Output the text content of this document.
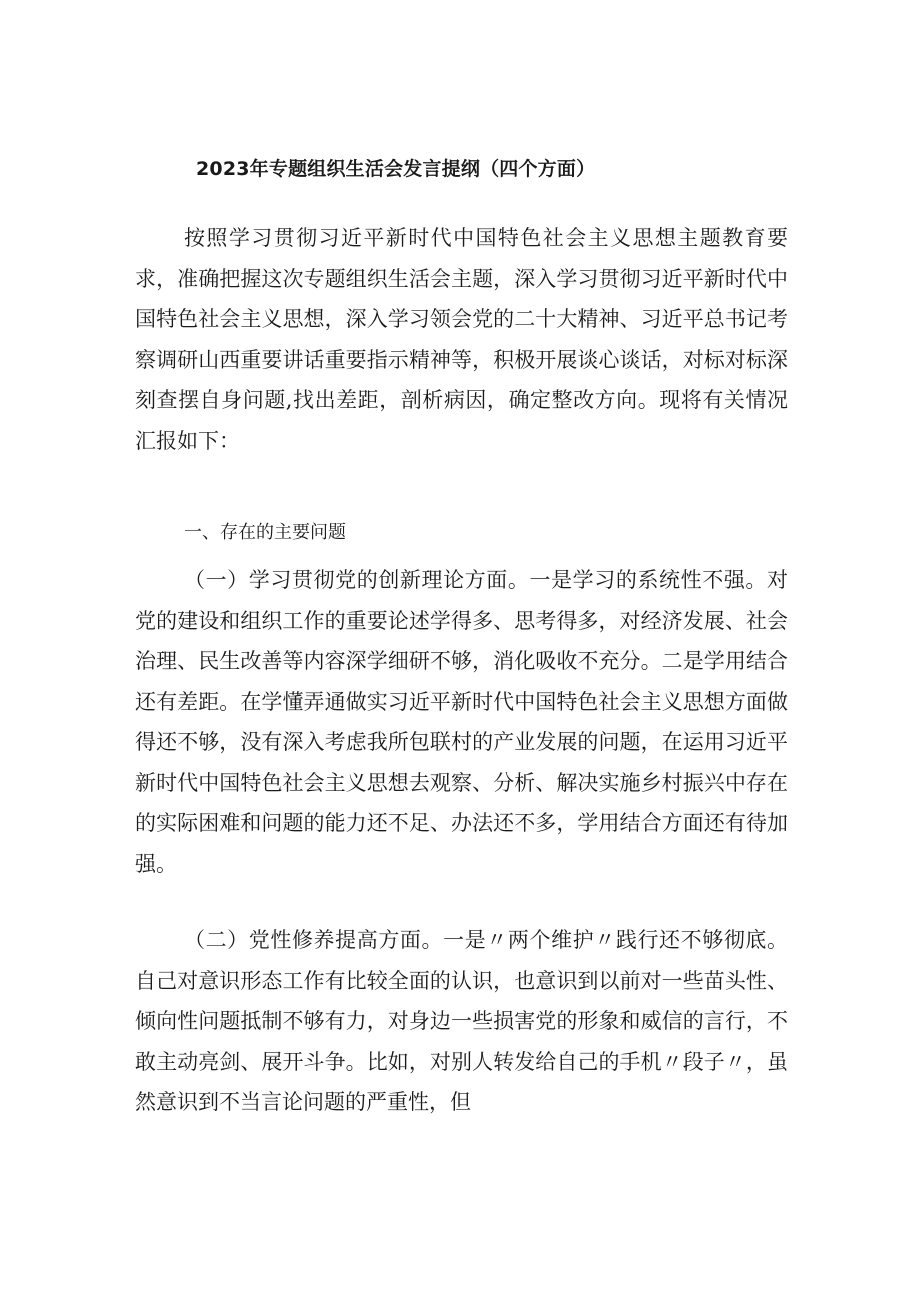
2023年专题组织生活会发言提纲（四个方面）

按照学习贯彻习近平新时代中国特色社会主义思想主题教育要求，准确把握这次专题组织生活会主题，深入学习贯彻习近平新时代中国特色社会主义思想，深入学习领会党的二十大精神、习近平总书记考察调研山西重要讲话重要指示精神等，积极开展谈心谈话，对标对标深刻查摆自身问题,找出差距，剖析病因，确定整改方向。现将有关情况汇报如下：

一、存在的主要问题

（一）学习贯彻党的创新理论方面。一是学习的系统性不强。对党的建设和组织工作的重要论述学得多、思考得多，对经济发展、社会治理、民生改善等内容深学细研不够，消化吸收不充分。二是学用结合还有差距。在学懂弄通做实习近平新时代中国特色社会主义思想方面做得还不够，没有深入考虑我所包联村的产业发展的问题，在运用习近平新时代中国特色社会主义思想去观察、分析、解决实施乡村振兴中存在的实际困难和问题的能力还不足、办法还不多，学用结合方面还有待加强。

（二）党性修养提高方面。一是〃两个维护〃践行还不够彻底。自己对意识形态工作有比较全面的认识，也意识到以前对一些苗头性、倾向性问题抵制不够有力，对身边一些损害党的形象和威信的言行，不敢主动亮剑、展开斗争。比如，对别人转发给自己的手机〃段子〃，虽然意识到不当言论问题的严重性，但
